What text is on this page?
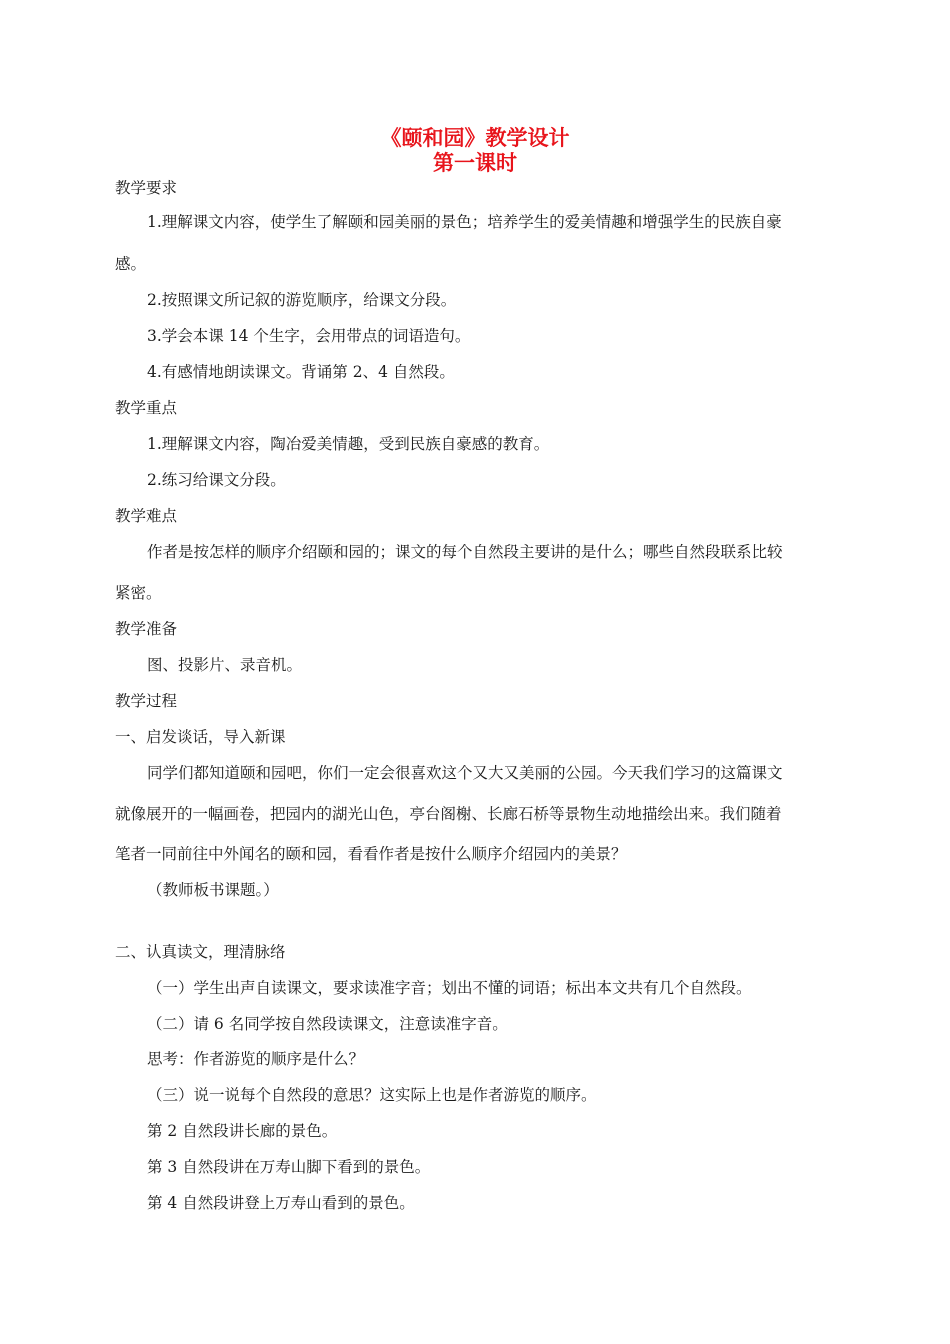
《颐和园》教学设计
第一课时
教学要求
1.理解课文内容，使学生了解颐和园美丽的景色；培养学生的爱美情趣和增强学生的民族自豪
感。
2.按照课文所记叙的游览顺序，给课文分段。
3.学会本课 14 个生字，会用带点的词语造句。
4.有感情地朗读课文。背诵第 2、4 自然段。
教学重点
1.理解课文内容，陶冶爱美情趣，受到民族自豪感的教育。
2.练习给课文分段。
教学难点
作者是按怎样的顺序介绍颐和园的；课文的每个自然段主要讲的是什么；哪些自然段联系比较
紧密。
教学准备
图、投影片、录音机。
教学过程
一、启发谈话，导入新课
同学们都知道颐和园吧，你们一定会很喜欢这个又大又美丽的公园。今天我们学习的这篇课文
就像展开的一幅画卷，把园内的湖光山色，亭台阁榭、长廊石桥等景物生动地描绘出来。我们随着
笔者一同前往中外闻名的颐和园，看看作者是按什么顺序介绍园内的美景？
（教师板书课题。）
二、认真读文，理清脉络
（一）学生出声自读课文，要求读准字音；划出不懂的词语；标出本文共有几个自然段。
（二）请 6 名同学按自然段读课文，注意读准字音。
思考：作者游览的顺序是什么？
（三）说一说每个自然段的意思？这实际上也是作者游览的顺序。
第 2 自然段讲长廊的景色。
第 3 自然段讲在万寿山脚下看到的景色。
第 4 自然段讲登上万寿山看到的景色。
